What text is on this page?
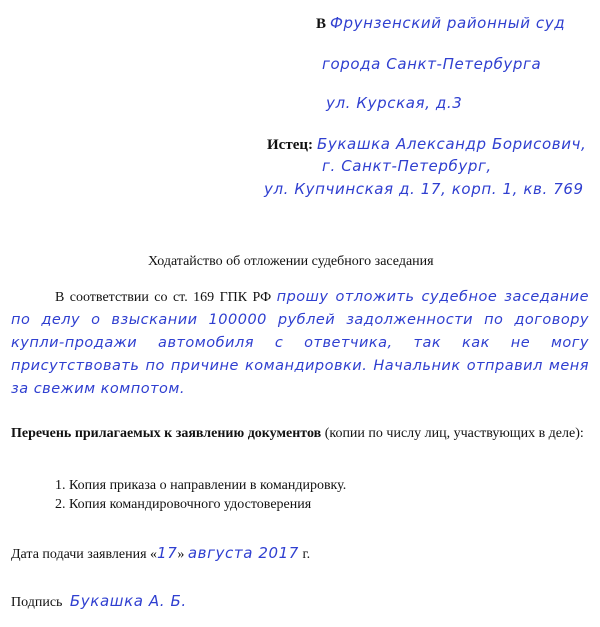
В Фрунзенский районный суд
города Санкт-Петербурга
ул. Курская, д.3
Истец: Букашка Александр Борисович,
г. Санкт-Петербург,
ул. Купчинская д. 17, корп. 1, кв. 769
Ходатайство об отложении судебного заседания
В соответствии со ст. 169 ГПК РФ прошу отложить судебное заседание по делу о взыскании 100000 рублей задолженности по договору купли-продажи автомобиля с ответчика, так как не могу присутствовать по причине командировки. Начальник отправил меня за свежим компотом.
Перечень прилагаемых к заявлению документов (копии по числу лиц, участвующих в деле):
1. Копия приказа о направлении в командировку.
2. Копия командировочного удостоверения
Дата подачи заявления «17» августа 2017 г.
Подпись Букашка А. Б.
